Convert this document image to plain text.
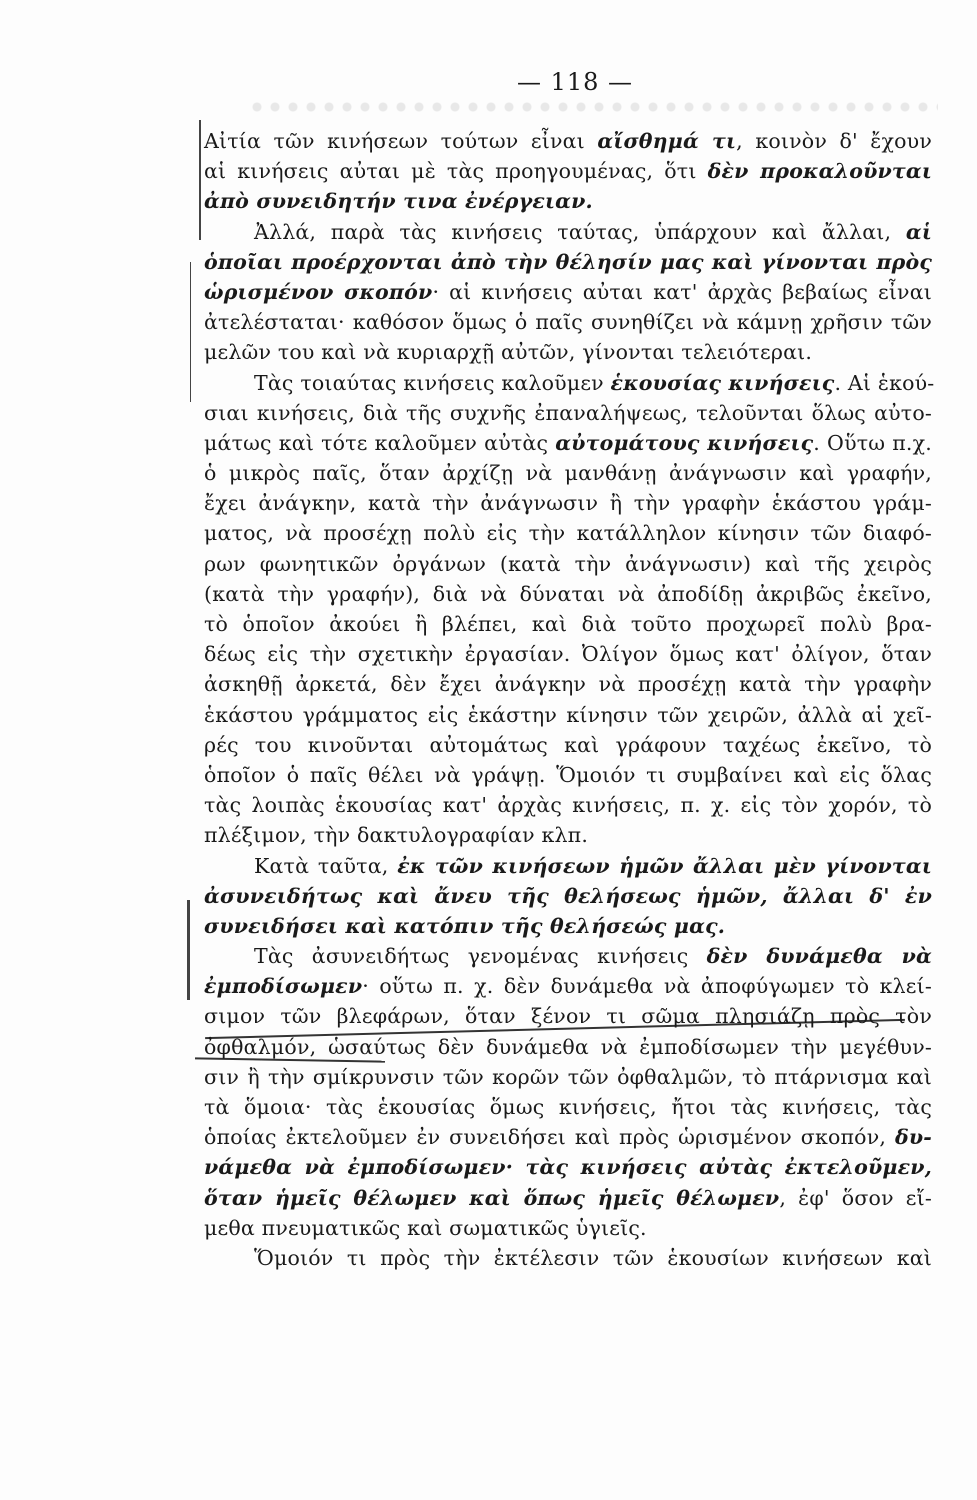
— 118 —
Αἰτία τῶν κινήσεων τούτων εἶναι αἴσθημά τι, κοινὸν δ' ἔχουν
αἱ κινήσεις αὐται μὲ τὰς προηγουμένας, ὅτι δὲν προκαλοῦνται
ἀπὸ συνειδητήν τινα ἐνέργειαν.
Ἀλλά, παρὰ τὰς κινήσεις ταύτας, ὑπάρχουν καὶ ἄλλαι, αἱ
ὁποῖαι προέρχονται ἀπὸ τὴν θέλησίν μας καὶ γίνονται πρὸς
ὡρισμένον σκοπόν· αἱ κινήσεις αὐται κατ' ἀρχὰς βεβαίως εἶναι
ἀτελέσταται· καθόσον ὅμως ὁ παῖς συνηθίζει νὰ κάμνῃ χρῆσιν τῶν
μελῶν του καὶ νὰ κυριαρχῇ αὐτῶν, γίνονται τελειότεραι.
Τὰς τοιαύτας κινήσεις καλοῦμεν ἑκουσίας κινήσεις. Αἱ ἑκού-
σιαι κινήσεις, διὰ τῆς συχνῆς ἐπαναλήψεως, τελοῦνται ὅλως αὐτο-
μάτως καὶ τότε καλοῦμεν αὐτὰς αὐτομάτους κινήσεις. Οὕτω π.χ.
ὁ μικρὸς παῖς, ὅταν ἀρχίζῃ νὰ μανθάνῃ ἀνάγνωσιν καὶ γραφήν,
ἔχει ἀνάγκην, κατὰ τὴν ἀνάγνωσιν ἢ τὴν γραφὴν ἑκάστου γράμ-
ματος, νὰ προσέχῃ πολὺ εἰς τὴν κατάλληλον κίνησιν τῶν διαφό-
ρων φωνητικῶν ὀργάνων (κατὰ τὴν ἀνάγνωσιν) καὶ τῆς χειρὸς
(κατὰ τὴν γραφήν), διὰ νὰ δύναται νὰ ἀποδίδῃ ἀκριβῶς ἐκεῖνο,
τὸ ὁποῖον ἀκούει ἢ βλέπει, καὶ διὰ τοῦτο προχωρεῖ πολὺ βρα-
δέως εἰς τὴν σχετικὴν ἐργασίαν. Ὀλίγον ὅμως κατ' ὀλίγον, ὅταν
ἀσκηθῇ ἀρκετά, δὲν ἔχει ἀνάγκην νὰ προσέχῃ κατὰ τὴν γραφὴν
ἑκάστου γράμματος εἰς ἑκάστην κίνησιν τῶν χειρῶν, ἀλλὰ αἱ χεῖ-
ρές του κινοῦνται αὐτομάτως καὶ γράφουν ταχέως ἐκεῖνο, τὸ
ὁποῖον ὁ παῖς θέλει νὰ γράψῃ. Ὅμοιόν τι συμβαίνει καὶ εἰς ὅλας
τὰς λοιπὰς ἑκουσίας κατ' ἀρχὰς κινήσεις, π. χ. εἰς τὸν χορόν, τὸ
πλέξιμον, τὴν δακτυλογραφίαν κλπ.
Κατὰ ταῦτα, ἐκ τῶν κινήσεων ἡμῶν ἄλλαι μὲν γίνονται
ἀσυνειδήτως καὶ ἄνευ τῆς θελήσεως ἡμῶν, ἄλλαι δ' ἐν
συνειδήσει καὶ κατόπιν τῆς θελήσεώς μας.
Τὰς ἀσυνειδήτως γενομένας κινήσεις δὲν δυνάμεθα νὰ
ἐμποδίσωμεν· οὕτω π. χ. δὲν δυνάμεθα νὰ ἀποφύγωμεν τὸ κλεί-
σιμον τῶν βλεφάρων, ὅταν ξένον τι σῶμα πλησιάζῃ πρὸς τὸν
ὀφθαλμόν, ὡσαύτως δὲν δυνάμεθα νὰ ἐμποδίσωμεν τὴν μεγέθυν-
σιν ἢ τὴν σμίκρυνσιν τῶν κορῶν τῶν ὀφθαλμῶν, τὸ πτάρνισμα καὶ
τὰ ὅμοια· τὰς ἑκουσίας ὅμως κινήσεις, ἤτοι τὰς κινήσεις, τὰς
ὁποίας ἐκτελοῦμεν ἐν συνειδήσει καὶ πρὸς ὡρισμένον σκοπόν, δυ-
νάμεθα νὰ ἐμποδίσωμεν· τὰς κινήσεις αὐτὰς ἐκτελοῦμεν,
ὅταν ἡμεῖς θέλωμεν καὶ ὅπως ἡμεῖς θέλωμεν, ἐφ' ὅσον εἴ-
μεθα πνευματικῶς καὶ σωματικῶς ὑγιεῖς.
Ὅμοιόν τι πρὸς τὴν ἐκτέλεσιν τῶν ἑκουσίων κινήσεων καὶ
